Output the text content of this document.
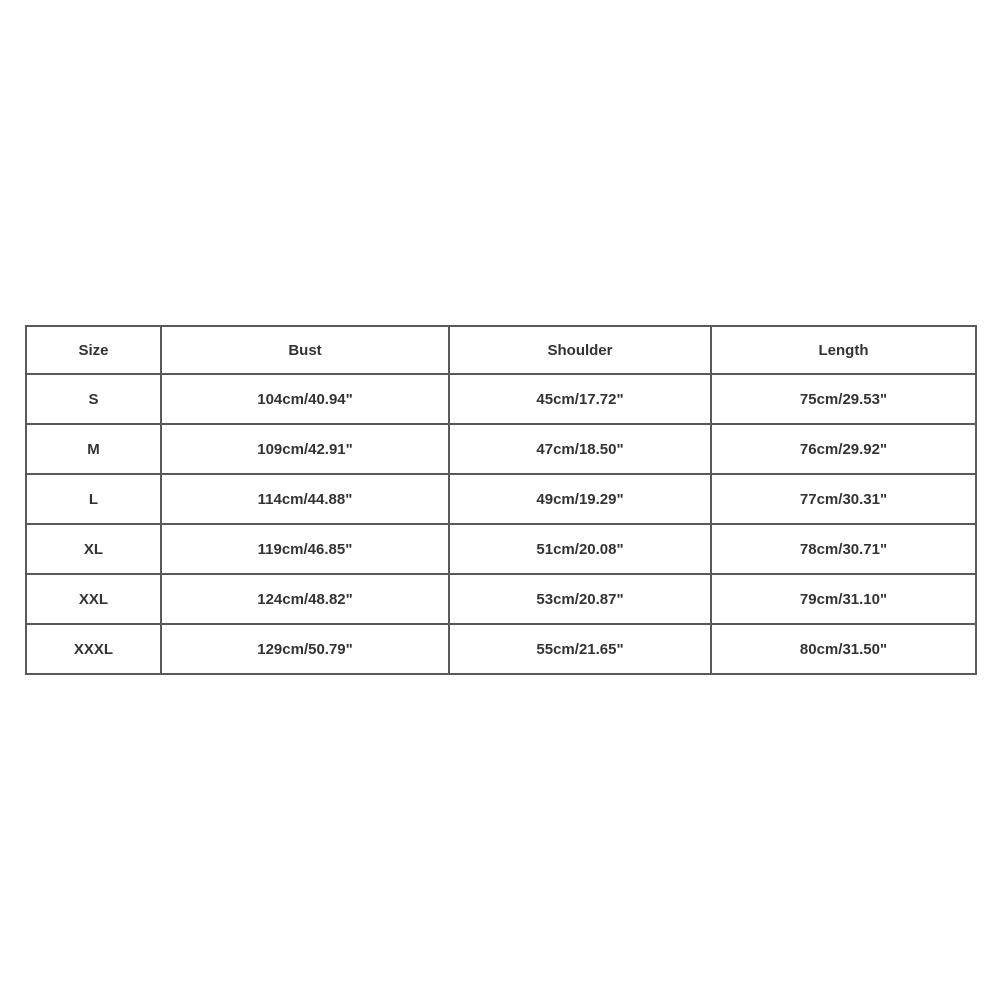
Size	Bust	Shoulder	Length
S	104cm/40.94"	45cm/17.72"	75cm/29.53"
M	109cm/42.91"	47cm/18.50"	76cm/29.92"
L	114cm/44.88"	49cm/19.29"	77cm/30.31"
XL	119cm/46.85"	51cm/20.08"	78cm/30.71"
XXL	124cm/48.82"	53cm/20.87"	79cm/31.10"
XXXL	129cm/50.79"	55cm/21.65"	80cm/31.50"
